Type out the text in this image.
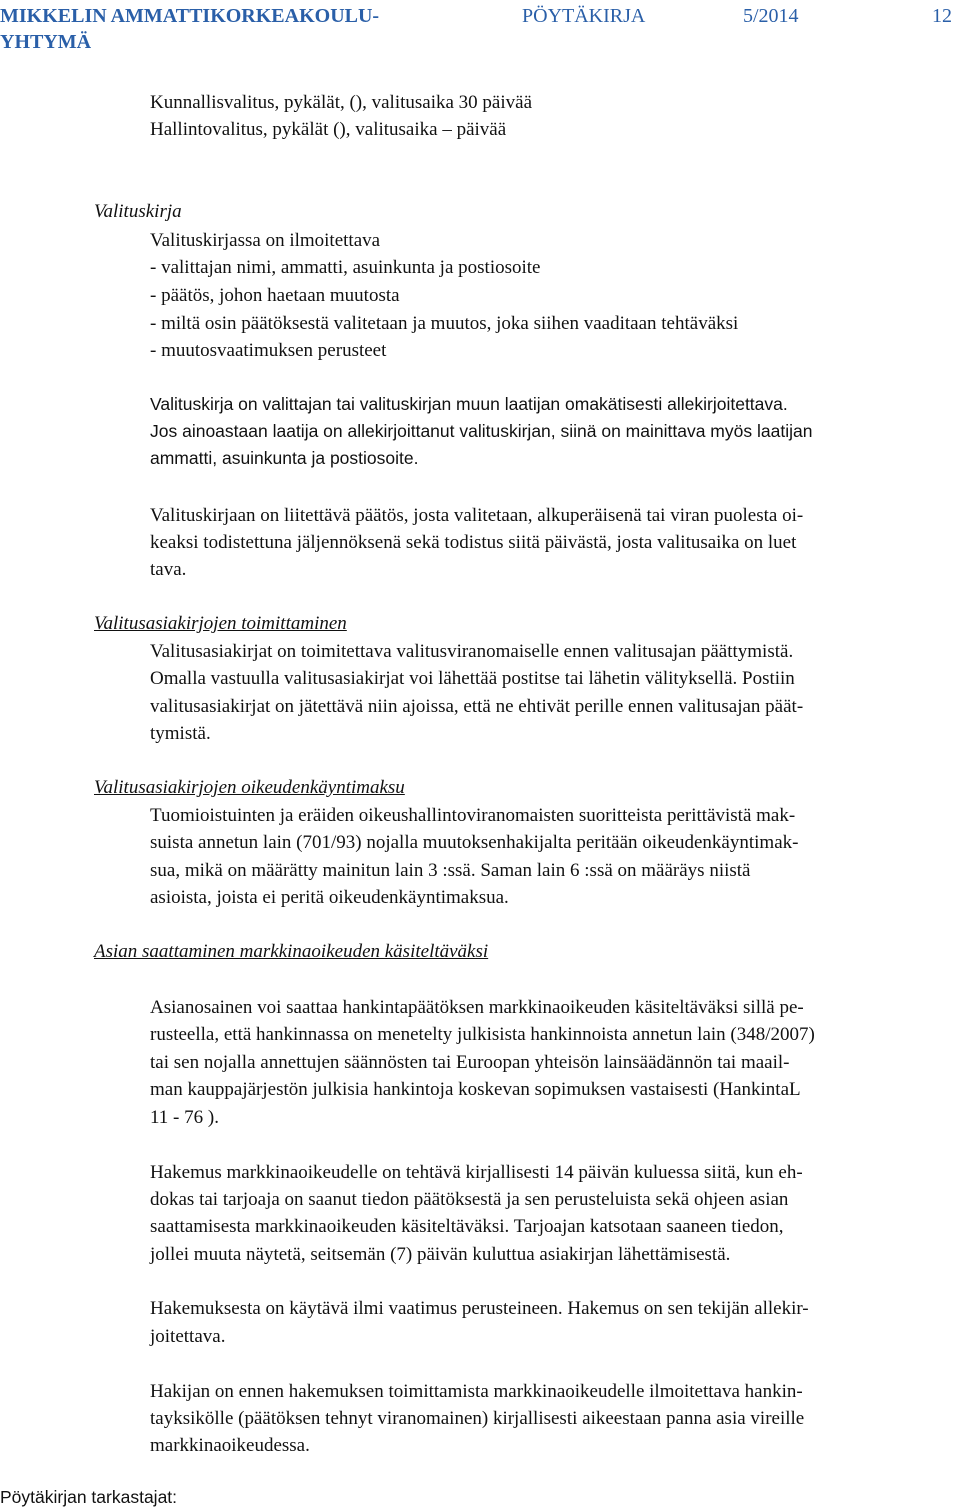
MIKKELIN AMMATTIKORKEAKOULU-YHTYMÄ
PÖYTÄKIRJA	5/2014	12
Kunnallisvalitus, pykälät, (), valitusaika 30 päivää
Hallintovalitus, pykälät (), valitusaika – päivää
Valituskirja
Valituskirjassa on ilmoitettava
- valittajan nimi, ammatti, asuinkunta ja postiosoite
- päätös, johon haetaan muutosta
- miltä osin päätöksestä valitetaan ja muutos, joka siihen vaaditaan tehtäväksi
- muutosvaatimuksen perusteet
Valituskirja on valittajan tai valituskirjan muun laatijan omakätisesti allekirjoitettava.
Jos ainoastaan laatija on allekirjoittanut valituskirjan, siinä on mainittava myös laatijan
ammatti, asuinkunta ja postiosoite.
Valituskirjaan on liitettävä päätös, josta valitetaan, alkuperäisenä tai viran puolesta oi-
keaksi todistettuna jäljennöksenä sekä todistus siitä päivästä, josta valitusaika on luet
tava.
Valitusasiakirjojen toimittaminen
Valitusasiakirjat on toimitettava valitusviranomaiselle ennen valitusajan päättymistä.
Omalla vastuulla valitusasiakirjat voi lähettää postitse tai lähetin välityksellä. Postiin
valitusasiakirjat on jätettävä niin ajoissa, että ne ehtivät perille ennen valitusajan päät-
tymistä.
Valitusasiakirjojen oikeudenkäyntimaksu
Tuomioistuinten ja eräiden oikeushallintoviranomaisten suoritteista perittävistä mak-
suista annetun lain (701/93) nojalla muutoksenhakijalta peritään oikeudenkäyntimak-
sua, mikä on määrätty mainitun lain 3 :ssä. Saman lain 6 :ssä on määräys niistä
asioista, joista ei peritä oikeudenkäyntimaksua.
Asian saattaminen markkinaoikeuden käsiteltäväksi
Asianosainen voi saattaa hankintapäätöksen markkinaoikeuden käsiteltäväksi sillä pe-
rusteella, että hankinnassa on menetelty julkisista hankinnoista annetun lain (348/2007)
tai sen nojalla annettujen säännösten tai Euroopan yhteisön lainsäädännön tai maail-
man kauppajärjestön julkisia hankintoja koskevan sopimuksen vastaisesti (HankintaL
11 - 76 ).
Hakemus markkinaoikeudelle on tehtävä kirjallisesti 14 päivän kuluessa siitä, kun eh-
dokas tai tarjoaja on saanut tiedon päätöksestä ja sen perusteluista sekä ohjeen asian
saattamisesta markkinaoikeuden käsiteltäväksi. Tarjoajan katsotaan saaneen tiedon,
jollei muuta näytetä, seitsemän (7) päivän kuluttua asiakirjan lähettämisestä.
Hakemuksesta on käytävä ilmi vaatimus perusteineen. Hakemus on sen tekijän allekir-
joitettava.
Hakijan on ennen hakemuksen toimittamista markkinaoikeudelle ilmoitettava hankin-
tayksikölle (päätöksen tehnyt viranomainen) kirjallisesti aikeestaan panna asia vireille
markkinaoikeudessa.
Pöytäkirjan tarkastajat:
